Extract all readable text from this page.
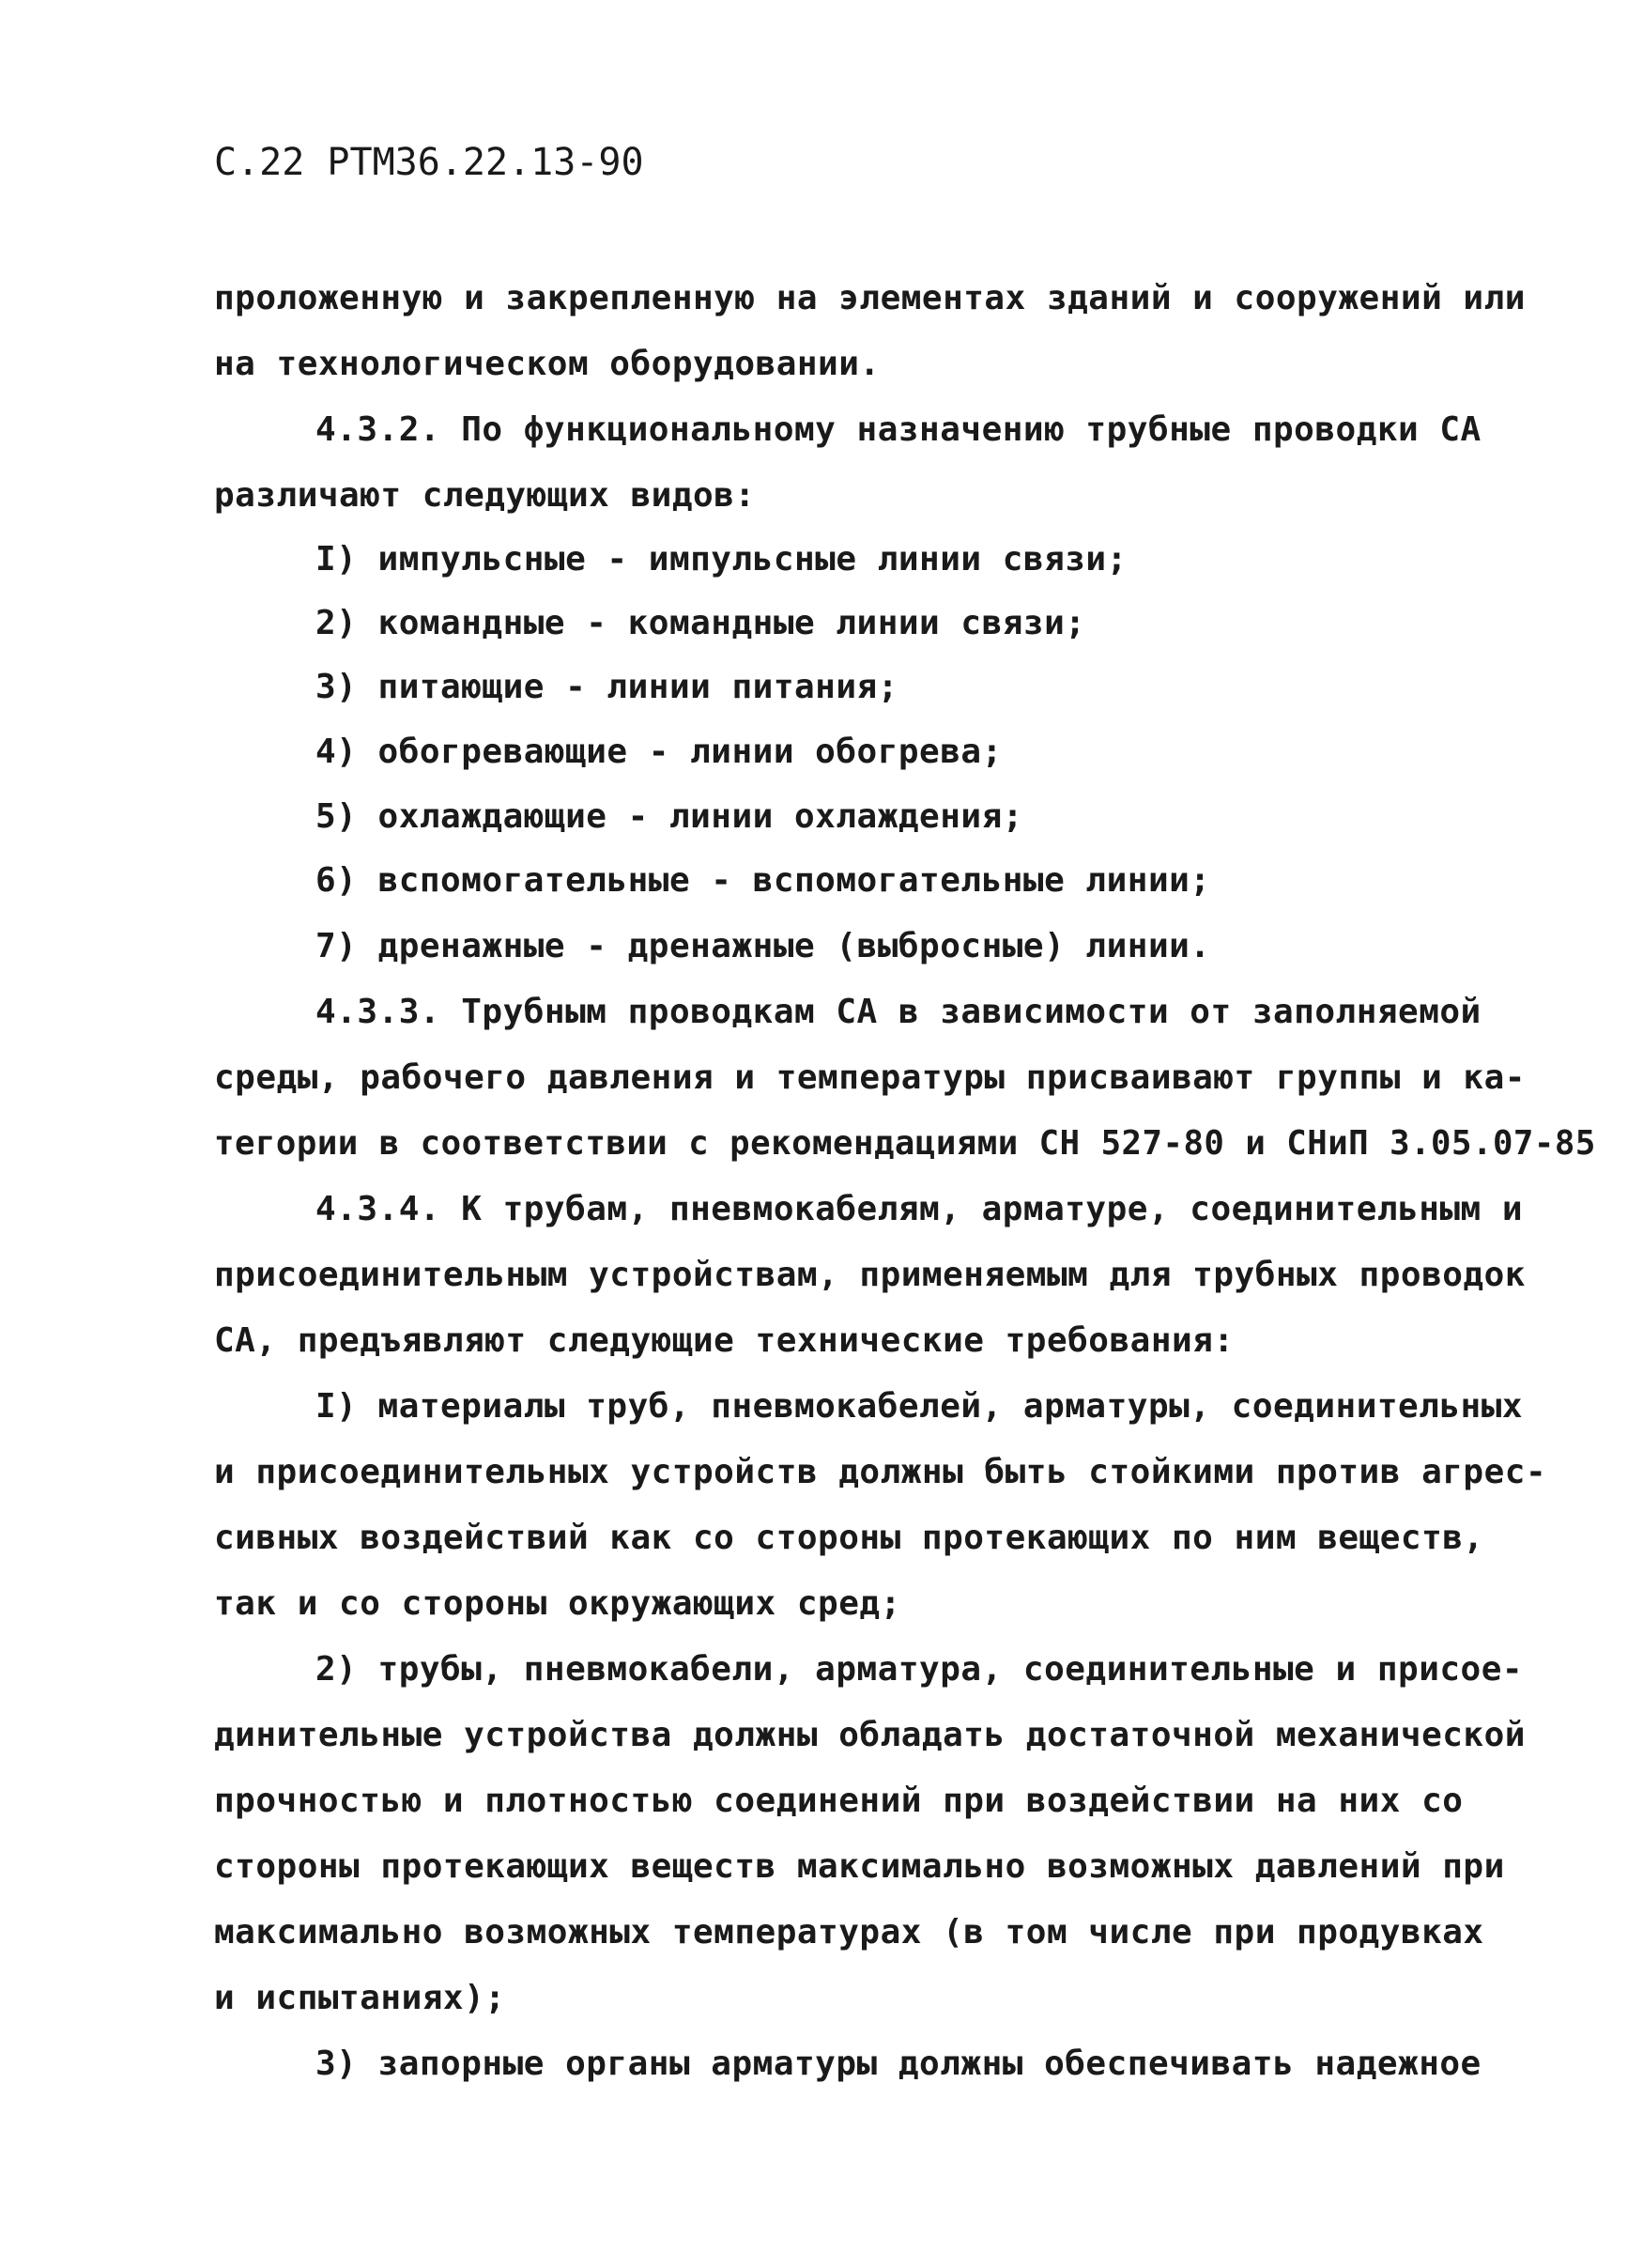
С.22 РТМ36.22.13-90
проложенную и закрепленную на элементах зданий и сооружений или
на технологическом оборудовании.
4.3.2. По функциональному назначению трубные проводки СА
различают следующих видов:
I) импульсные - импульсные линии связи;
2) командные - командные линии связи;
3) питающие - линии питания;
4) обогревающие - линии обогрева;
5) охлаждающие - линии охлаждения;
6) вспомогательные - вспомогательные линии;
7) дренажные - дренажные (выбросные) линии.
4.3.3. Трубным проводкам СА в зависимости от заполняемой
среды, рабочего давления и температуры присваивают группы и ка-
тегории в соответствии с рекомендациями СН 527-80 и СНиП 3.05.07-85
4.3.4. К трубам, пневмокабелям, арматуре, соединительным и
присоединительным устройствам, применяемым для трубных проводок
СА, предъявляют следующие технические требования:
I) материалы труб, пневмокабелей, арматуры, соединительных
и присоединительных устройств должны быть стойкими против агрес-
сивных воздействий как со стороны протекающих по ним веществ,
так и со стороны окружающих сред;
2) трубы, пневмокабели, арматура, соединительные и присое-
динительные устройства должны обладать достаточной механической
прочностью и плотностью соединений при воздействии на них со
стороны протекающих веществ максимально возможных давлений при
максимально возможных температурах (в том числе при продувках
и испытаниях);
3) запорные органы арматуры должны обеспечивать надежное
